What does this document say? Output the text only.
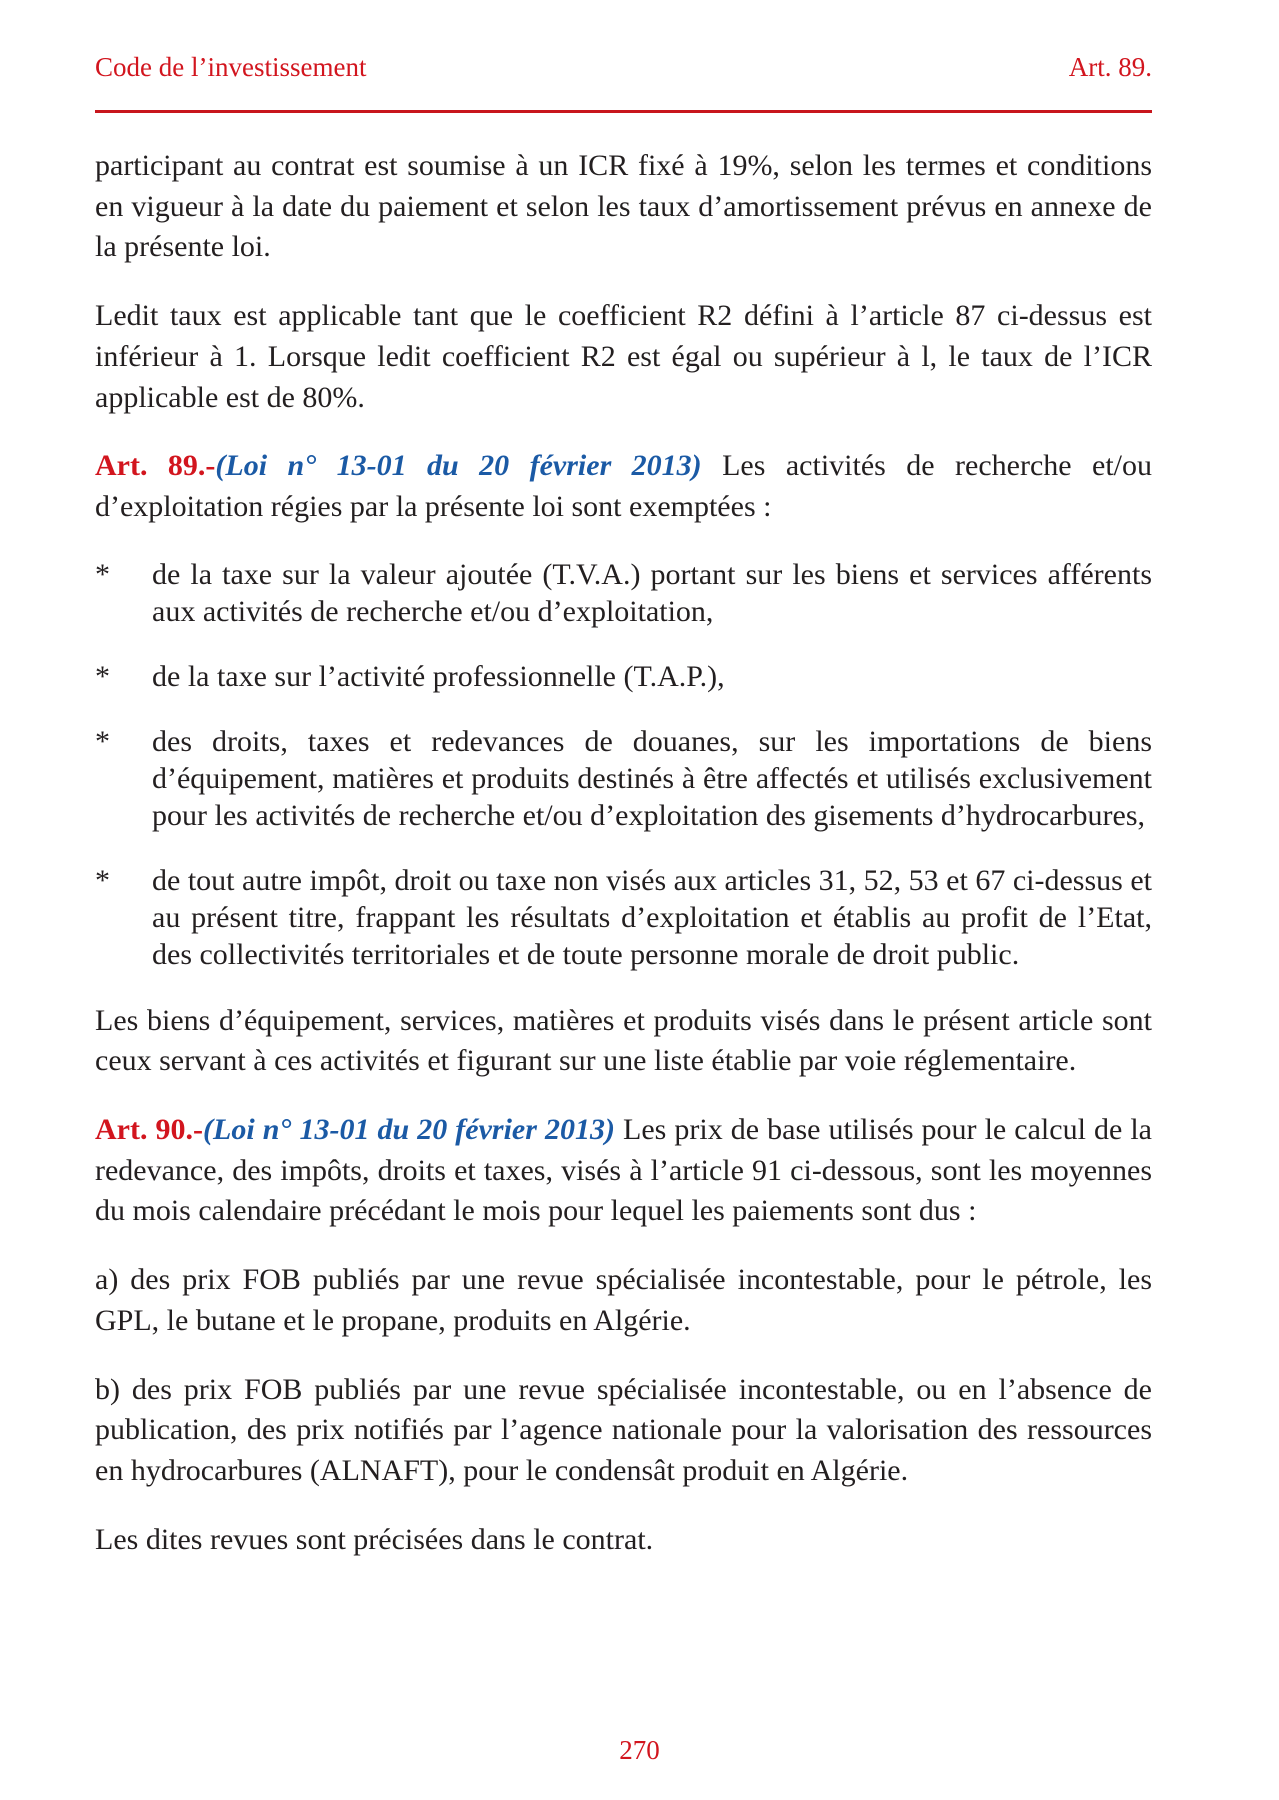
Code de l’investissement	Art. 89.

participant au contrat est soumise à un ICR fixé à 19%, selon les termes et conditions en vigueur à la date du paiement et selon les taux d’amortissement prévus en annexe de la présente loi.

Ledit taux est applicable tant que le coefficient R2 défini à l’article 87 ci-dessus est inférieur à 1. Lorsque ledit coefficient R2 est égal ou supérieur à l, le taux de l’ICR applicable est de 80%.

Art. 89.-(Loi n° 13-01 du 20 février 2013) Les activités de recherche et/ou d’exploitation régies par la présente loi sont exemptées :

*	de la taxe sur la valeur ajoutée (T.V.A.) portant sur les biens et services afférents aux activités de recherche et/ou d’exploitation,
*	de la taxe sur l’activité professionnelle (T.A.P.),
*	des droits, taxes et redevances de douanes, sur les importations de biens d’équipement, matières et produits destinés à être affectés et utilisés exclusivement pour les activités de recherche et/ou d’exploitation des gisements d’hydrocarbures,
*	de tout autre impôt, droit ou taxe non visés aux articles 31, 52, 53 et 67 ci-dessus et au présent titre, frappant les résultats d’exploitation et établis au profit de l’Etat, des collectivités territoriales et de toute personne morale de droit public.

Les biens d’équipement, services, matières et produits visés dans le présent article sont ceux servant à ces activités et figurant sur une liste établie par voie réglementaire.

Art. 90.-(Loi n° 13-01 du 20 février 2013) Les prix de base utilisés pour le calcul de la redevance, des impôts, droits et taxes, visés à l’article 91 ci-dessous, sont les moyennes du mois calendaire précédant le mois pour lequel les paiements sont dus :

a) des prix FOB publiés par une revue spécialisée incontestable, pour le pétrole, les GPL, le butane et le propane, produits en Algérie.

b) des prix FOB publiés par une revue spécialisée incontestable, ou en l’absence de publication, des prix notifiés par l’agence nationale pour la valorisation des ressources en hydrocarbures (ALNAFT), pour le condensât produit en Algérie.

Les dites revues sont précisées dans le contrat.

270
